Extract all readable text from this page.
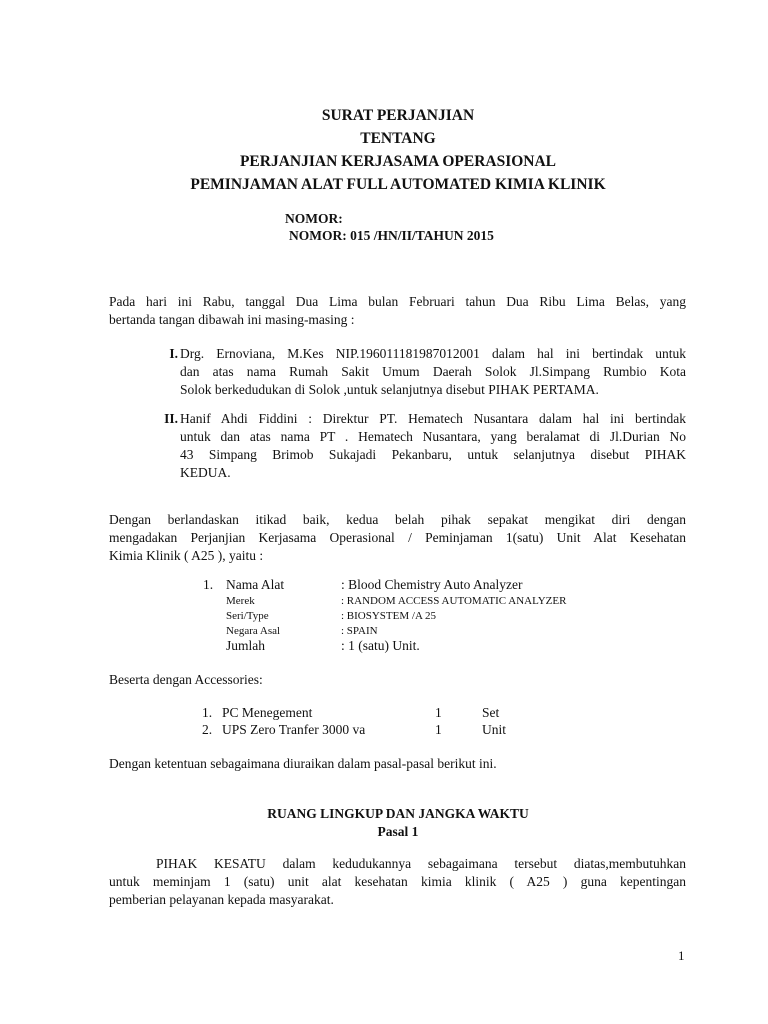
SURAT PERJANJIAN
TENTANG
PERJANJIAN KERJASAMA OPERASIONAL
PEMINJAMAN ALAT FULL AUTOMATED KIMIA KLINIK
NOMOR:
NOMOR: 015 /HN/II/TAHUN 2015
Pada hari ini Rabu, tanggal Dua Lima bulan Februari tahun Dua Ribu Lima Belas, yang
bertanda tangan dibawah ini masing-masing :
I. Drg. Ernoviana, M.Kes NIP.196011181987012001 dalam hal ini bertindak untuk
dan atas nama Rumah Sakit Umum Daerah Solok Jl.Simpang Rumbio Kota
Solok berkedudukan di Solok ,untuk selanjutnya disebut PIHAK PERTAMA.
II. Hanif Ahdi Fiddini : Direktur PT. Hematech Nusantara dalam hal ini bertindak
untuk dan atas nama PT . Hematech Nusantara, yang beralamat di Jl.Durian No
43 Simpang Brimob Sukajadi Pekanbaru, untuk selanjutnya disebut PIHAK
KEDUA.
Dengan berlandaskan itikad baik, kedua belah pihak sepakat mengikat diri dengan
mengadakan Perjanjian Kerjasama Operasional / Peminjaman 1(satu) Unit Alat Kesehatan
Kimia Klinik ( A25 ), yaitu :
1. Nama Alat	: Blood Chemistry Auto Analyzer
Merek	: RANDOM ACCESS AUTOMATIC ANALYZER
Seri/Type	: BIOSYSTEM /A 25
Negara Asal	: SPAIN
Jumlah	: 1 (satu) Unit.
Beserta dengan Accessories:
1. PC Menegement	1	Set
2. UPS Zero Tranfer 3000 va	1	Unit
Dengan ketentuan sebagaimana diuraikan dalam pasal-pasal berikut ini.
RUANG LINGKUP DAN JANGKA WAKTU
Pasal 1
PIHAK KESATU dalam kedudukannya sebagaimana tersebut diatas,membutuhkan
untuk meminjam 1 (satu) unit alat kesehatan kimia klinik ( A25 ) guna kepentingan
pemberian pelayanan kepada masyarakat.
1
